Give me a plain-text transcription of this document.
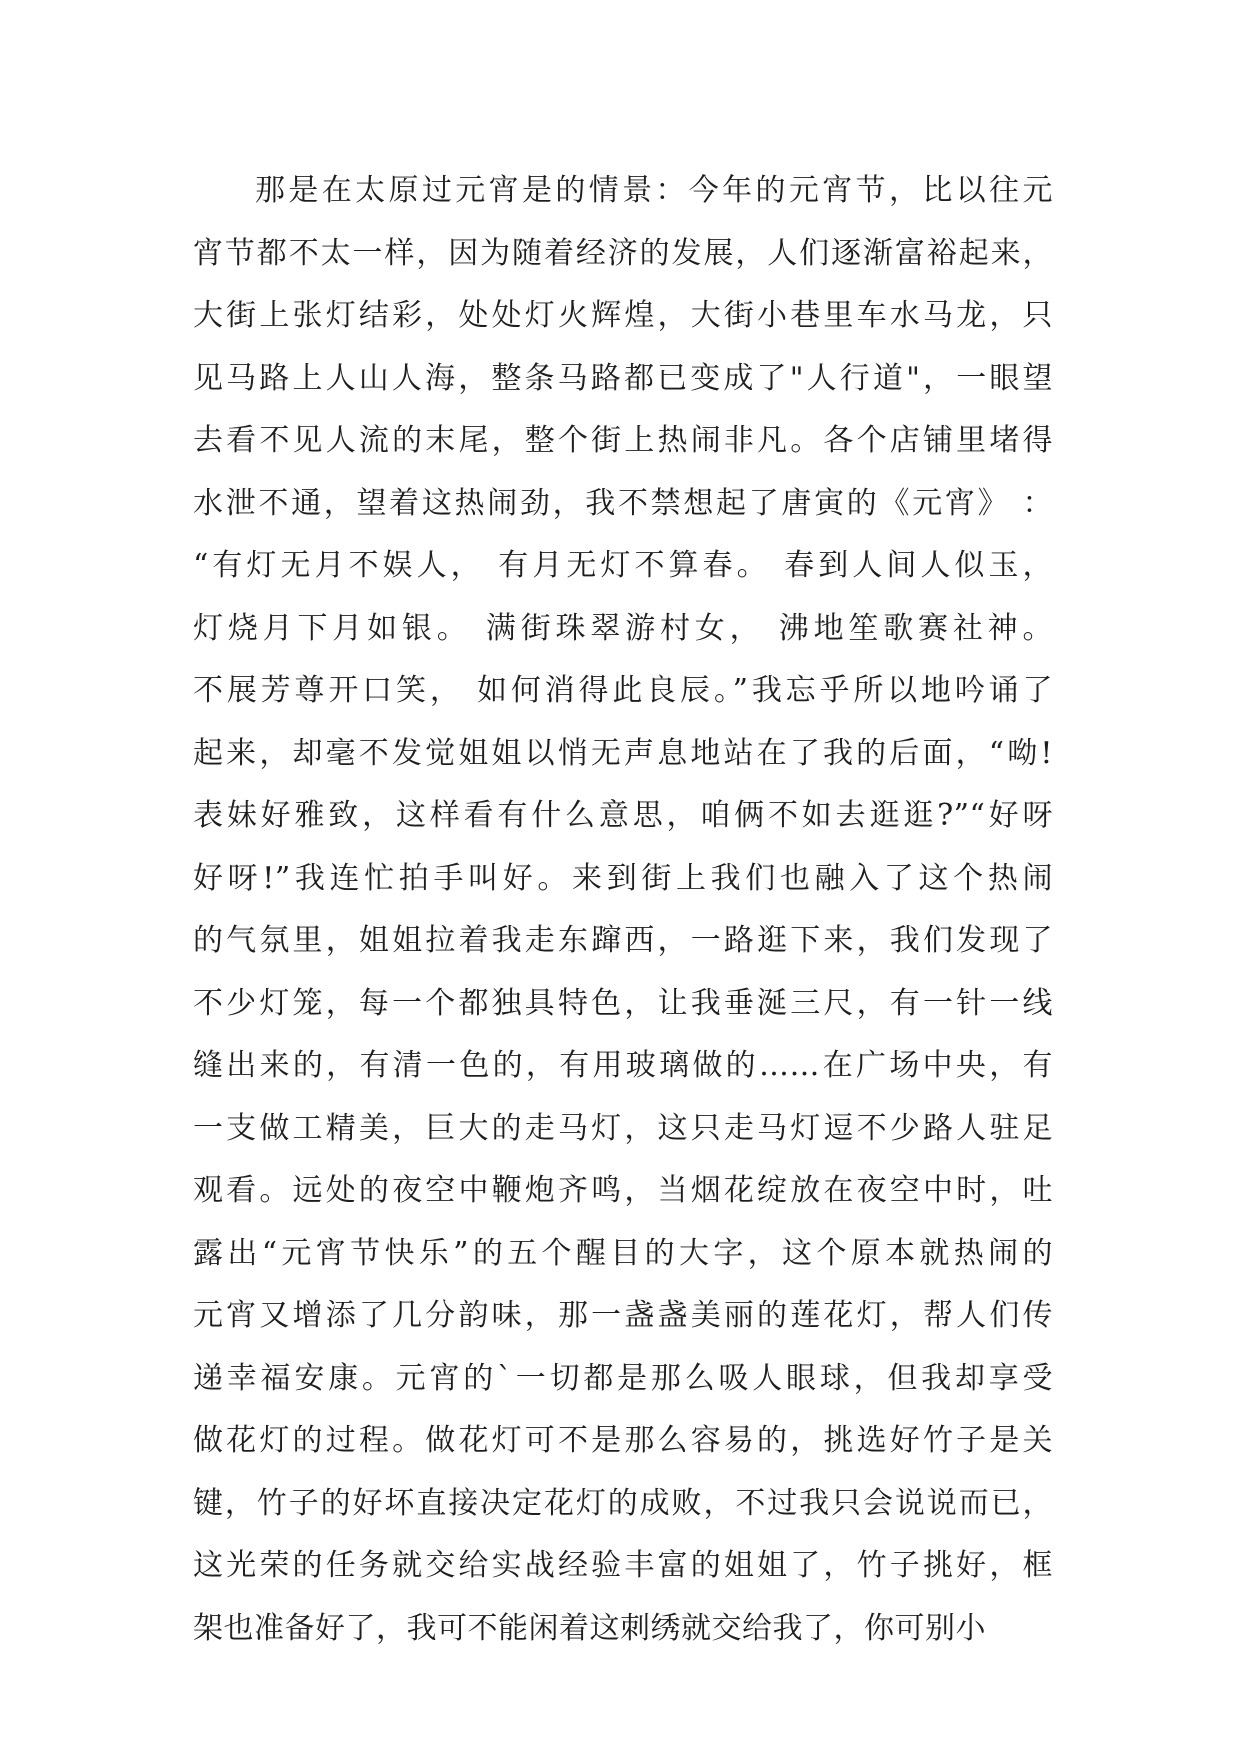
那是在太原过元宵是的情景：今年的元宵节，比以往元
宵节都不太一样，因为随着经济的发展，人们逐渐富裕起来，
大街上张灯结彩，处处灯火辉煌，大街小巷里车水马龙，只
见马路上人山人海，整条马路都已变成了"人行道"，一眼望
去看不见人流的末尾，整个街上热闹非凡。各个店铺里堵得
水泄不通，望着这热闹劲，我不禁想起了唐寅的《元宵》 ：
“有灯无月不娱人， 有月无灯不算春。 春到人间人似玉，
灯烧月下月如银。 满街珠翠游村女， 沸地笙歌赛社神。
不展芳尊开口笑， 如何消得此良辰。”我忘乎所以地吟诵了
起来，却毫不发觉姐姐以悄无声息地站在了我的后面，“呦!
表妹好雅致，这样看有什么意思，咱俩不如去逛逛?”“好呀
好呀!”我连忙拍手叫好。来到街上我们也融入了这个热闹
的气氛里，姐姐拉着我走东蹿西，一路逛下来，我们发现了
不少灯笼，每一个都独具特色，让我垂涎三尺，有一针一线
缝出来的，有清一色的，有用玻璃做的……在广场中央，有
一支做工精美，巨大的走马灯，这只走马灯逗不少路人驻足
观看。远处的夜空中鞭炮齐鸣，当烟花绽放在夜空中时，吐
露出“元宵节快乐”的五个醒目的大字，这个原本就热闹的
元宵又增添了几分韵味，那一盏盏美丽的莲花灯，帮人们传
递幸福安康。元宵的`一切都是那么吸人眼球，但我却享受
做花灯的过程。做花灯可不是那么容易的，挑选好竹子是关
键，竹子的好坏直接决定花灯的成败，不过我只会说说而已，
这光荣的任务就交给实战经验丰富的姐姐了，竹子挑好，框
架也准备好了，我可不能闲着这刺绣就交给我了，你可别小
